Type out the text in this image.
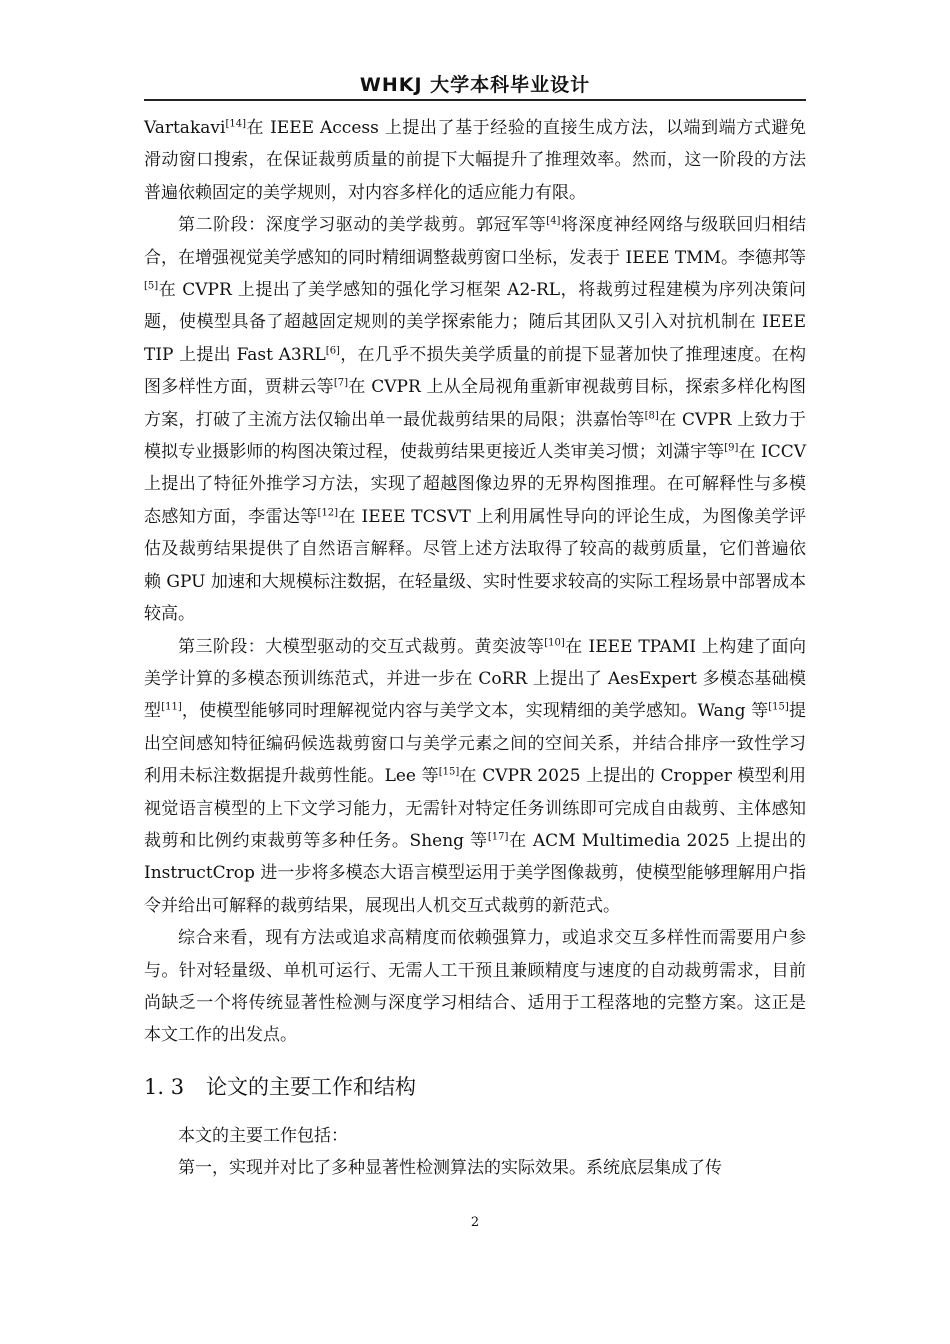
WHKJ 大学本科毕业设计

Vartakavi[14]在 IEEE Access 上提出了基于经验的直接生成方法，以端到端方式避免滑动窗口搜索，在保证裁剪质量的前提下大幅提升了推理效率。然而，这一阶段的方法普遍依赖固定的美学规则，对内容多样化的适应能力有限。

第二阶段：深度学习驱动的美学裁剪。郭冠军等[4]将深度神经网络与级联回归相结合，在增强视觉美学感知的同时精细调整裁剪窗口坐标，发表于 IEEE TMM。李德邦等[5]在 CVPR 上提出了美学感知的强化学习框架 A2-RL，将裁剪过程建模为序列决策问题，使模型具备了超越固定规则的美学探索能力；随后其团队又引入对抗机制在 IEEE TIP 上提出 Fast A3RL[6]，在几乎不损失美学质量的前提下显著加快了推理速度。在构图多样性方面，贾耕云等[7]在 CVPR 上从全局视角重新审视裁剪目标，探索多样化构图方案，打破了主流方法仅输出单一最优裁剪结果的局限；洪嘉怡等[8]在 CVPR 上致力于模拟专业摄影师的构图决策过程，使裁剪结果更接近人类审美习惯；刘潇宇等[9]在 ICCV 上提出了特征外推学习方法，实现了超越图像边界的无界构图推理。在可解释性与多模态感知方面，李雷达等[12]在 IEEE TCSVT 上利用属性导向的评论生成，为图像美学评估及裁剪结果提供了自然语言解释。尽管上述方法取得了较高的裁剪质量，它们普遍依赖 GPU 加速和大规模标注数据，在轻量级、实时性要求较高的实际工程场景中部署成本较高。

第三阶段：大模型驱动的交互式裁剪。黄奕波等[10]在 IEEE TPAMI 上构建了面向美学计算的多模态预训练范式，并进一步在 CoRR 上提出了 AesExpert 多模态基础模型[11]，使模型能够同时理解视觉内容与美学文本，实现精细的美学感知。Wang 等[15]提出空间感知特征编码候选裁剪窗口与美学元素之间的空间关系，并结合排序一致性学习利用未标注数据提升裁剪性能。Lee 等[15]在 CVPR 2025 上提出的 Cropper 模型利用视觉语言模型的上下文学习能力，无需针对特定任务训练即可完成自由裁剪、主体感知裁剪和比例约束裁剪等多种任务。Sheng 等[17]在 ACM Multimedia 2025 上提出的 InstructCrop 进一步将多模态大语言模型运用于美学图像裁剪，使模型能够理解用户指令并给出可解释的裁剪结果，展现出人机交互式裁剪的新范式。

综合来看，现有方法或追求高精度而依赖强算力，或追求交互多样性而需要用户参与。针对轻量级、单机可运行、无需人工干预且兼顾精度与速度的自动裁剪需求，目前尚缺乏一个将传统显著性检测与深度学习相结合、适用于工程落地的完整方案。这正是本文工作的出发点。

1. 3 论文的主要工作和结构

本文的主要工作包括：

第一，实现并对比了多种显著性检测算法的实际效果。系统底层集成了传

2
